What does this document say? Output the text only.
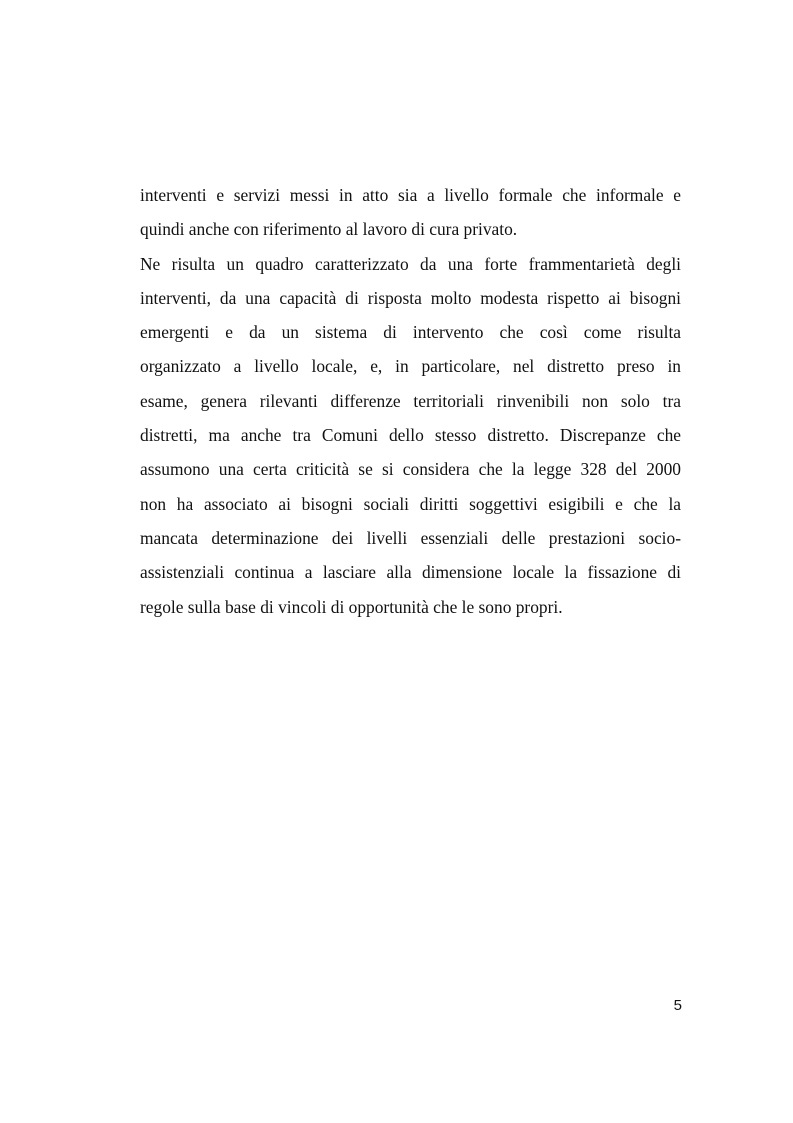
interventi e servizi messi in atto sia a livello formale che informale e
quindi anche con riferimento al lavoro di cura privato.
Ne risulta un quadro caratterizzato da una forte frammentarietà degli
interventi, da una capacità di risposta molto modesta rispetto ai bisogni
emergenti e da un sistema di intervento che così come risulta
organizzato a livello locale, e, in particolare, nel distretto preso in
esame, genera rilevanti differenze territoriali rinvenibili non solo tra
distretti, ma anche tra Comuni dello stesso distretto. Discrepanze che
assumono una certa criticità se si considera che la legge 328 del 2000
non ha associato ai bisogni sociali diritti soggettivi esigibili e che la
mancata determinazione dei livelli essenziali delle prestazioni socio-
assistenziali continua a lasciare alla dimensione locale la fissazione di
regole sulla base di vincoli di opportunità che le sono propri.
5
